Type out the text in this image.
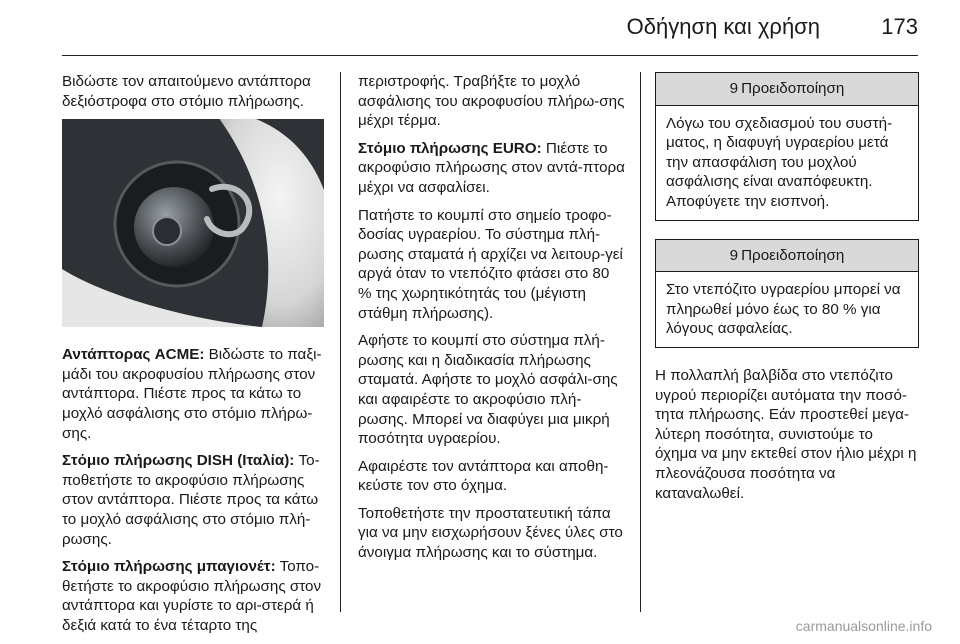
Οδήγηση και χρήση	173

Βιδώστε τον απαιτούμενο αντάπτορα δεξιόστροφα στο στόμιο πλήρωσης.

Αντάπτορας ACME: Βιδώστε το παξι-μάδι του ακροφυσίου πλήρωσης στον αντάπτορα. Πιέστε προς τα κάτω το μοχλό ασφάλισης στο στόμιο πλήρω-σης.

Στόμιο πλήρωσης DISH (Ιταλία): Το-ποθετήστε το ακροφύσιο πλήρωσης στον αντάπτορα. Πιέστε προς τα κάτω το μοχλό ασφάλισης στο στόμιο πλή-ρωσης.

Στόμιο πλήρωσης μπαγιονέτ: Τοπο-θετήστε το ακροφύσιο πλήρωσης στον αντάπτορα και γυρίστε το αρι-στερά ή δεξιά κατά το ένα τέταρτο της

περιστροφής. Τραβήξτε το μοχλό ασφάλισης του ακροφυσίου πλήρω-σης μέχρι τέρμα.

Στόμιο πλήρωσης EURO: Πιέστε το ακροφύσιο πλήρωσης στον αντά-πτορα μέχρι να ασφαλίσει.

Πατήστε το κουμπί στο σημείο τροφο-δοσίας υγραερίου. Το σύστημα πλή-ρωσης σταματά ή αρχίζει να λειτουρ-γεί αργά όταν το ντεπόζιτο φτάσει στο 80 % της χωρητικότητάς του (μέγιστη στάθμη πλήρωσης).

Αφήστε το κουμπί στο σύστημα πλή-ρωσης και η διαδικασία πλήρωσης σταματά. Αφήστε το μοχλό ασφάλι-σης και αφαιρέστε το ακροφύσιο πλή-ρωσης. Μπορεί να διαφύγει μια μικρή ποσότητα υγραερίου.

Αφαιρέστε τον αντάπτορα και αποθη-κεύστε τον στο όχημα.

Τοποθετήστε την προστατευτική τάπα για να μην εισχωρήσουν ξένες ύλες στο άνοιγμα πλήρωσης και το σύστημα.

9 Προειδοποίηση

Λόγω του σχεδιασμού του συστή-ματος, η διαφυγή υγραερίου μετά την απασφάλιση του μοχλού ασφάλισης είναι αναπόφευκτη. Αποφύγετε την εισπνοή.

9 Προειδοποίηση

Στο ντεπόζιτο υγραερίου μπορεί να πληρωθεί μόνο έως το 80 % για λόγους ασφαλείας.

Η πολλαπλή βαλβίδα στο ντεπόζιτο υγρού περιορίζει αυτόματα την ποσό-τητα πλήρωσης. Εάν προστεθεί μεγα-λύτερη ποσότητα, συνιστούμε το όχημα να μην εκτεθεί στον ήλιο μέχρι η πλεονάζουσα ποσότητα να καταναλωθεί.

carmanualsonline.info
